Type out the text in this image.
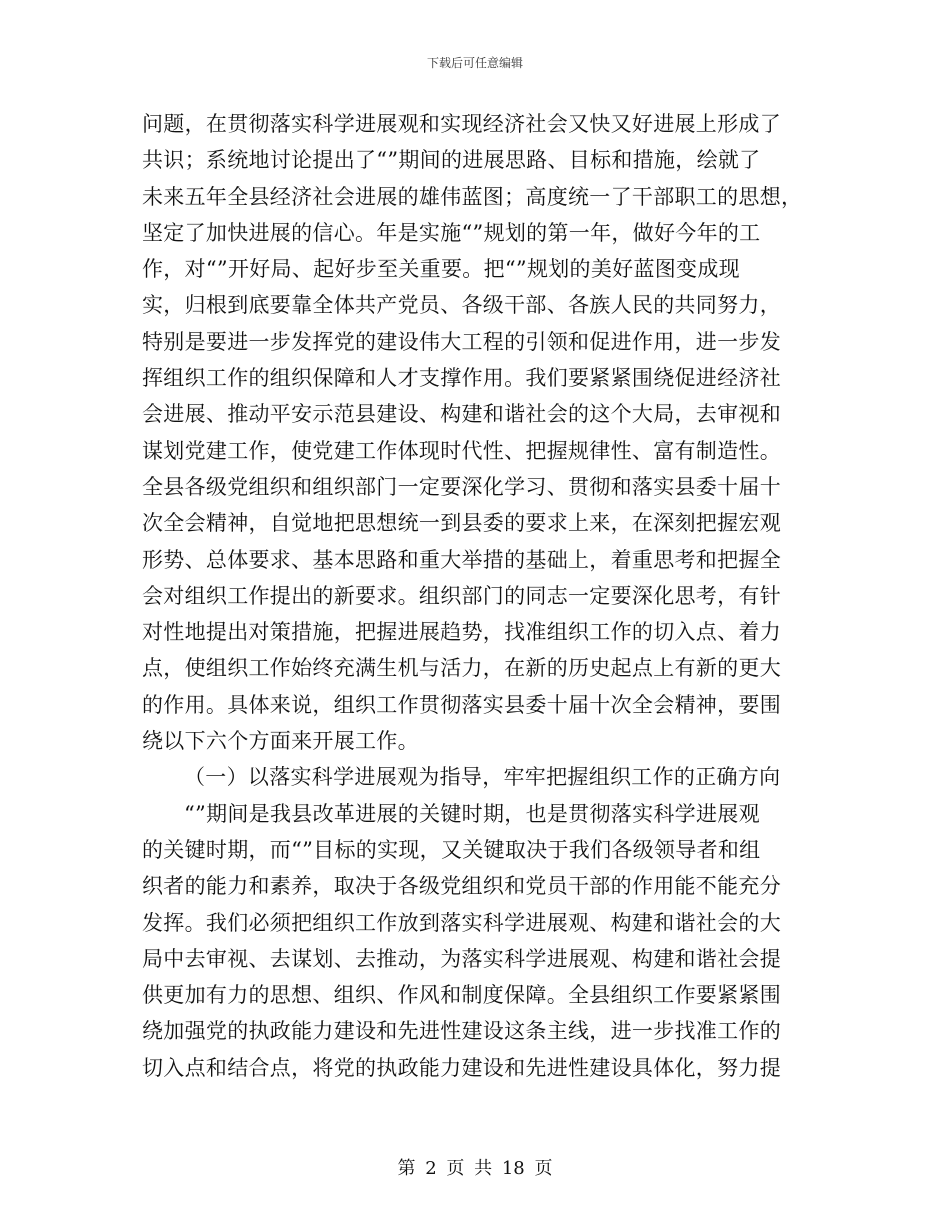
下载后可任意编辑
问题，在贯彻落实科学进展观和实现经济社会又快又好进展上形成了
共识；系统地讨论提出了“”期间的进展思路、目标和措施，绘就了
未来五年全县经济社会进展的雄伟蓝图；高度统一了干部职工的思想，
坚定了加快进展的信心。年是实施“”规划的第一年，做好今年的工
作，对“”开好局、起好步至关重要。把“”规划的美好蓝图变成现
实，归根到底要靠全体共产党员、各级干部、各族人民的共同努力，
特别是要进一步发挥党的建设伟大工程的引领和促进作用，进一步发
挥组织工作的组织保障和人才支撑作用。我们要紧紧围绕促进经济社
会进展、推动平安示范县建设、构建和谐社会的这个大局，去审视和
谋划党建工作，使党建工作体现时代性、把握规律性、富有制造性。
全县各级党组织和组织部门一定要深化学习、贯彻和落实县委十届十
次全会精神，自觉地把思想统一到县委的要求上来，在深刻把握宏观
形势、总体要求、基本思路和重大举措的基础上，着重思考和把握全
会对组织工作提出的新要求。组织部门的同志一定要深化思考，有针
对性地提出对策措施，把握进展趋势，找准组织工作的切入点、着力
点，使组织工作始终充满生机与活力，在新的历史起点上有新的更大
的作用。具体来说，组织工作贯彻落实县委十届十次全会精神，要围
绕以下六个方面来开展工作。
（一）以落实科学进展观为指导，牢牢把握组织工作的正确方向
“”期间是我县改革进展的关键时期，也是贯彻落实科学进展观
的关键时期，而“”目标的实现，又关键取决于我们各级领导者和组
织者的能力和素养，取决于各级党组织和党员干部的作用能不能充分
发挥。我们必须把组织工作放到落实科学进展观、构建和谐社会的大
局中去审视、去谋划、去推动，为落实科学进展观、构建和谐社会提
供更加有力的思想、组织、作风和制度保障。全县组织工作要紧紧围
绕加强党的执政能力建设和先进性建设这条主线，进一步找准工作的
切入点和结合点，将党的执政能力建设和先进性建设具体化，努力提
第 2 页 共 18 页
